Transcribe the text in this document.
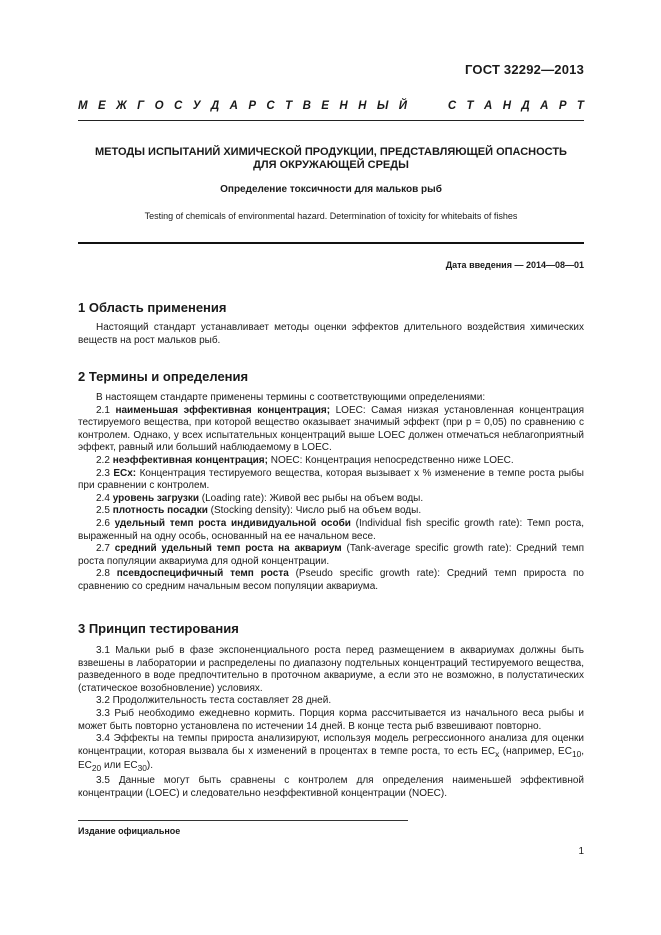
ГОСТ 32292—2013
М Е Ж Г О С У Д А Р С Т В Е Н Н Ы Й	С Т А Н Д А Р Т
МЕТОДЫ ИСПЫТАНИЙ ХИМИЧЕСКОЙ ПРОДУКЦИИ, ПРЕДСТАВЛЯЮЩЕЙ ОПАСНОСТЬ
ДЛЯ ОКРУЖАЮЩЕЙ СРЕДЫ
Определение токсичности для мальков рыб
Testing of chemicals of environmental hazard. Determination of toxicity for whitebaits of fishes
Дата введения — 2014—08—01
1 Область применения

Настоящий стандарт устанавливает методы оценки эффектов длительного воздействия химических веществ на рост мальков рыб.

2 Термины и определения

В настоящем стандарте применены термины с соответствующими определениями:

2.1 наименьшая эффективная концентрация; LOEC: Самая низкая установленная концентрация тестируемого вещества, при которой вещество оказывает значимый эффект (при р = 0,05) по сравнению с контролем. Однако, у всех испытательных концентраций выше LOEC должен отмечаться неблагоприятный эффект, равный или больший наблюдаемому в LOEC.

2.2 неэффективная концентрация; NOEC: Концентрация непосредственно ниже LOEC.

2.3 ECx: Концентрация тестируемого вещества, которая вызывает x % изменение в темпе роста рыбы при сравнении с контролем.

2.4 уровень загрузки (Loading rate): Живой вес рыбы на объем воды.

2.5 плотность посадки (Stocking density): Число рыб на объем воды.

2.6 удельный темп роста индивидуальной особи (Individual fish specific growth rate): Темп роста, выраженный на одну особь, основанный на ее начальном весе.

2.7 средний удельный темп роста на аквариум (Tank-average specific growth rate): Средний темп роста популяции аквариума для одной концентрации.

2.8 псевдоспецифичный темп роста (Pseudo specific growth rate): Средний темп прироста по сравнению со средним начальным весом популяции аквариума.

3 Принцип тестирования

3.1 Мальки рыб в фазе экспоненциального роста перед размещением в аквариумах должны быть взвешены в лаборатории и распределены по диапазону подтельных концентраций тестируемого вещества, разведенного в воде предпочтительно в проточном аквариуме, а если это не возможно, в полустатических (статическое возобновление) условиях.

3.2 Продолжительность теста составляет 28 дней.

3.3 Рыб необходимо ежедневно кормить. Порция корма рассчитывается из начального веса рыбы и может быть повторно установлена по истечении 14 дней. В конце теста рыб взвешивают повторно.

3.4 Эффекты на темпы прироста анализируют, используя модель регрессионного анализа для оценки концентрации, которая вызвала бы x изменений в процентах в темпе роста, то есть $EC_x$ (например, $EC_{10}$, $EC_{20}$ или $EC_{30}$).

3.5 Данные могут быть сравнены с контролем для определения наименьшей эффективной концентрации (LOEC) и следовательно неэффективной концентрации (NOEC).

Издание официальное
1
